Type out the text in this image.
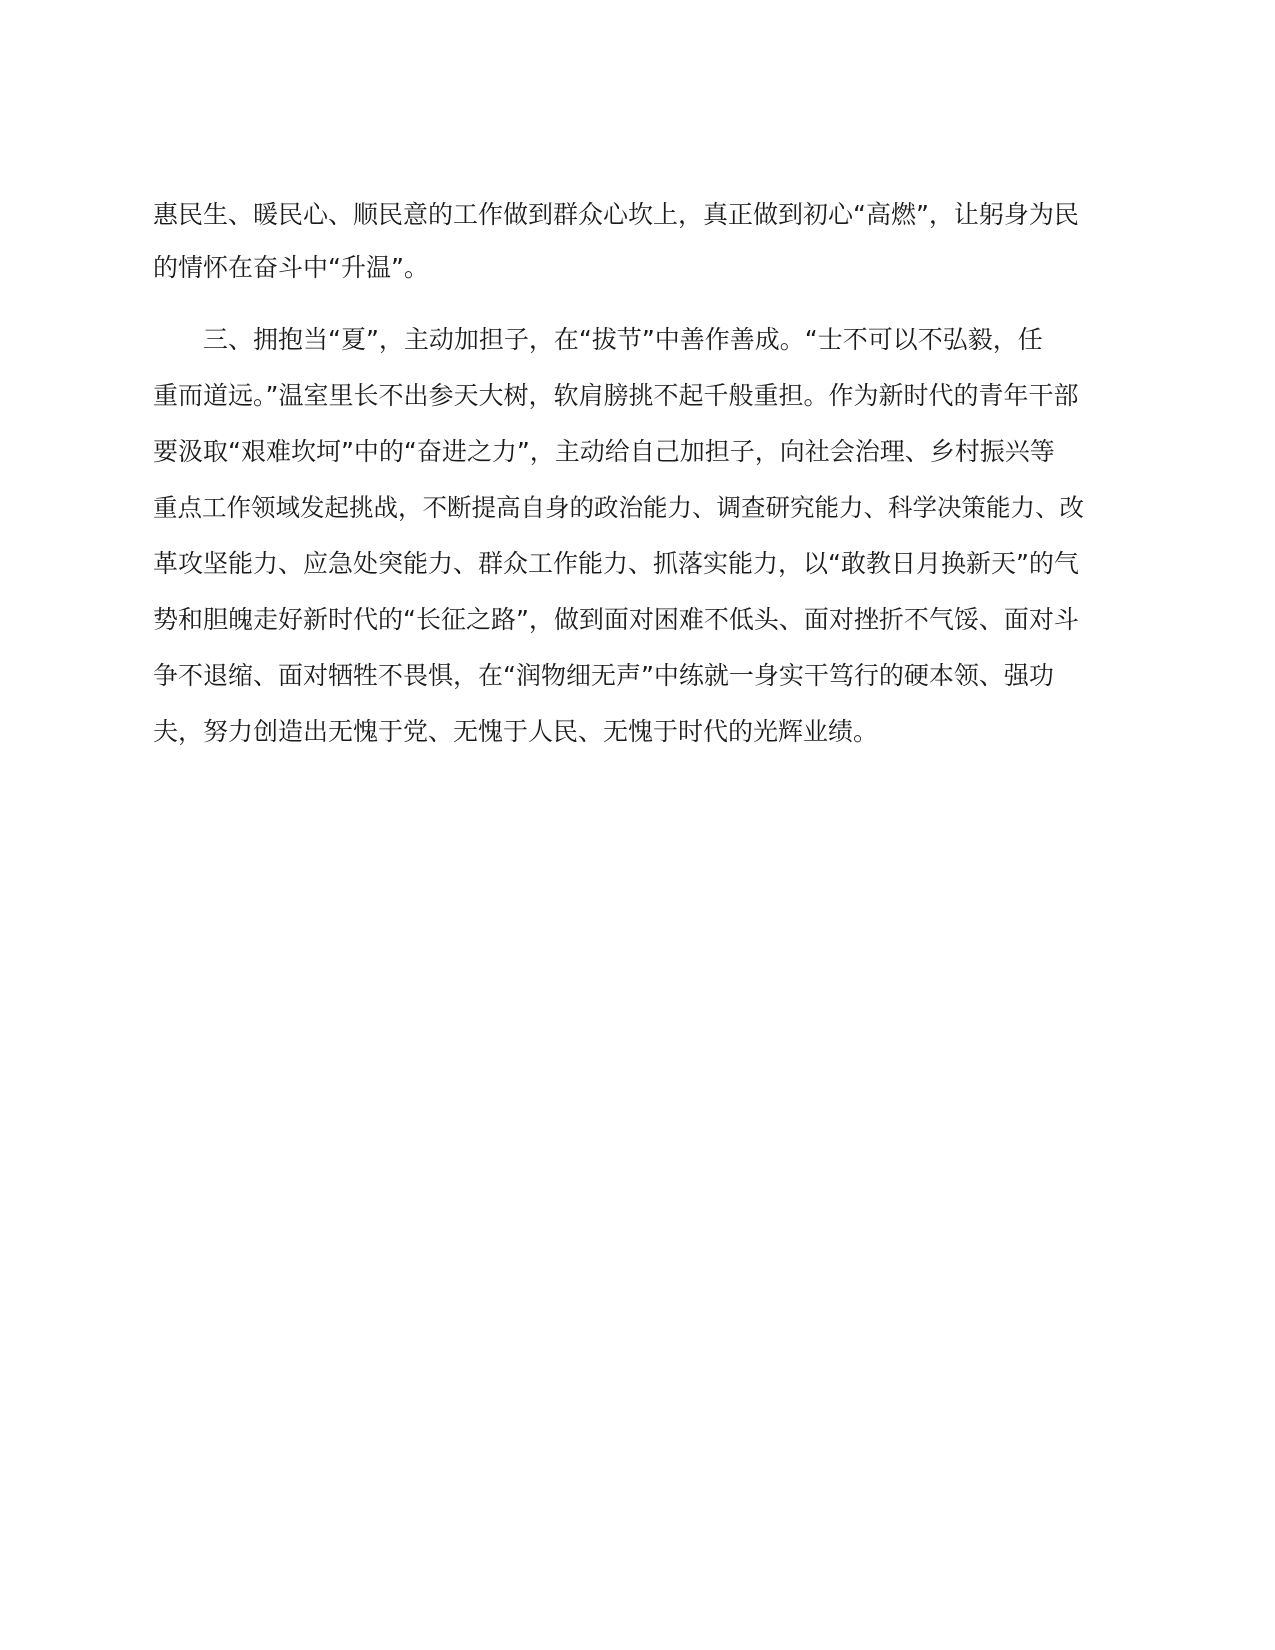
惠民生、暖民心、顺民意的工作做到群众心坎上，真正做到初心“高燃”，让躬身为民
的情怀在奋斗中“升温”。
三、拥抱当“夏”，主动加担子，在“拔节”中善作善成。“士不可以不弘毅，任
重而道远。”温室里长不出参天大树，软肩膀挑不起千般重担。作为新时代的青年干部
要汲取“艰难坎坷”中的“奋进之力”，主动给自己加担子，向社会治理、乡村振兴等
重点工作领域发起挑战，不断提高自身的政治能力、调查研究能力、科学决策能力、改
革攻坚能力、应急处突能力、群众工作能力、抓落实能力，以“敢教日月换新天”的气
势和胆魄走好新时代的“长征之路”，做到面对困难不低头、面对挫折不气馁、面对斗
争不退缩、面对牺牲不畏惧，在“润物细无声”中练就一身实干笃行的硬本领、强功
夫，努力创造出无愧于党、无愧于人民、无愧于时代的光辉业绩。
